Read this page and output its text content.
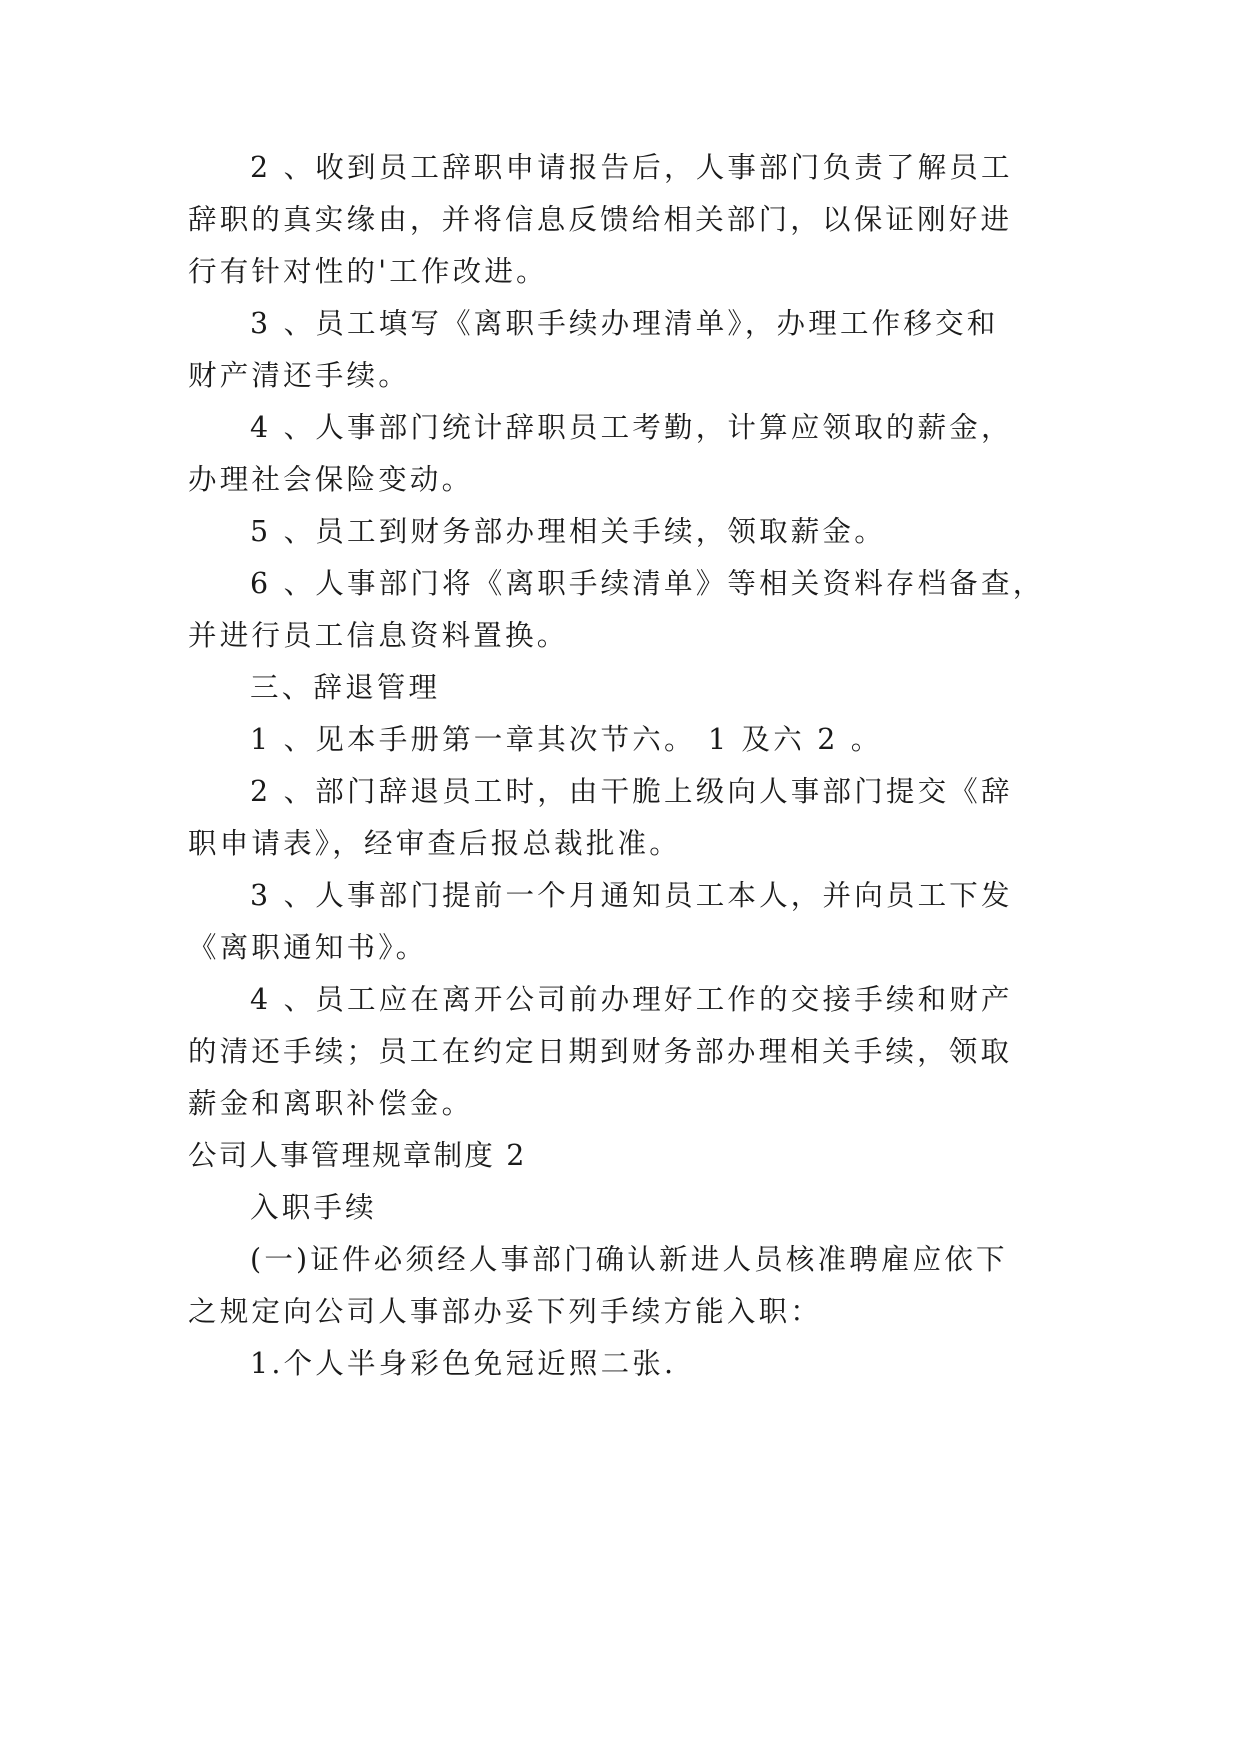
2 、收到员工辞职申请报告后，人事部门负责了解员工
辞职的真实缘由，并将信息反馈给相关部门，以保证刚好进
行有针对性的'工作改进。
3 、员工填写《离职手续办理清单》，办理工作移交和
财产清还手续。
4 、人事部门统计辞职员工考勤，计算应领取的薪金，
办理社会保险变动。
5 、员工到财务部办理相关手续，领取薪金。
6 、人事部门将《离职手续清单》等相关资料存档备查，
并进行员工信息资料置换。
三、辞退管理
1 、见本手册第一章其次节六。 1 及六 2 。
2 、部门辞退员工时，由干脆上级向人事部门提交《辞
职申请表》，经审查后报总裁批准。
3 、人事部门提前一个月通知员工本人，并向员工下发
《离职通知书》。
4 、员工应在离开公司前办理好工作的交接手续和财产
的清还手续；员工在约定日期到财务部办理相关手续，领取
薪金和离职补偿金。
公司人事管理规章制度 2
入职手续
(一)证件必须经人事部门确认新进人员核准聘雇应依下
之规定向公司人事部办妥下列手续方能入职：
1.个人半身彩色免冠近照二张.
